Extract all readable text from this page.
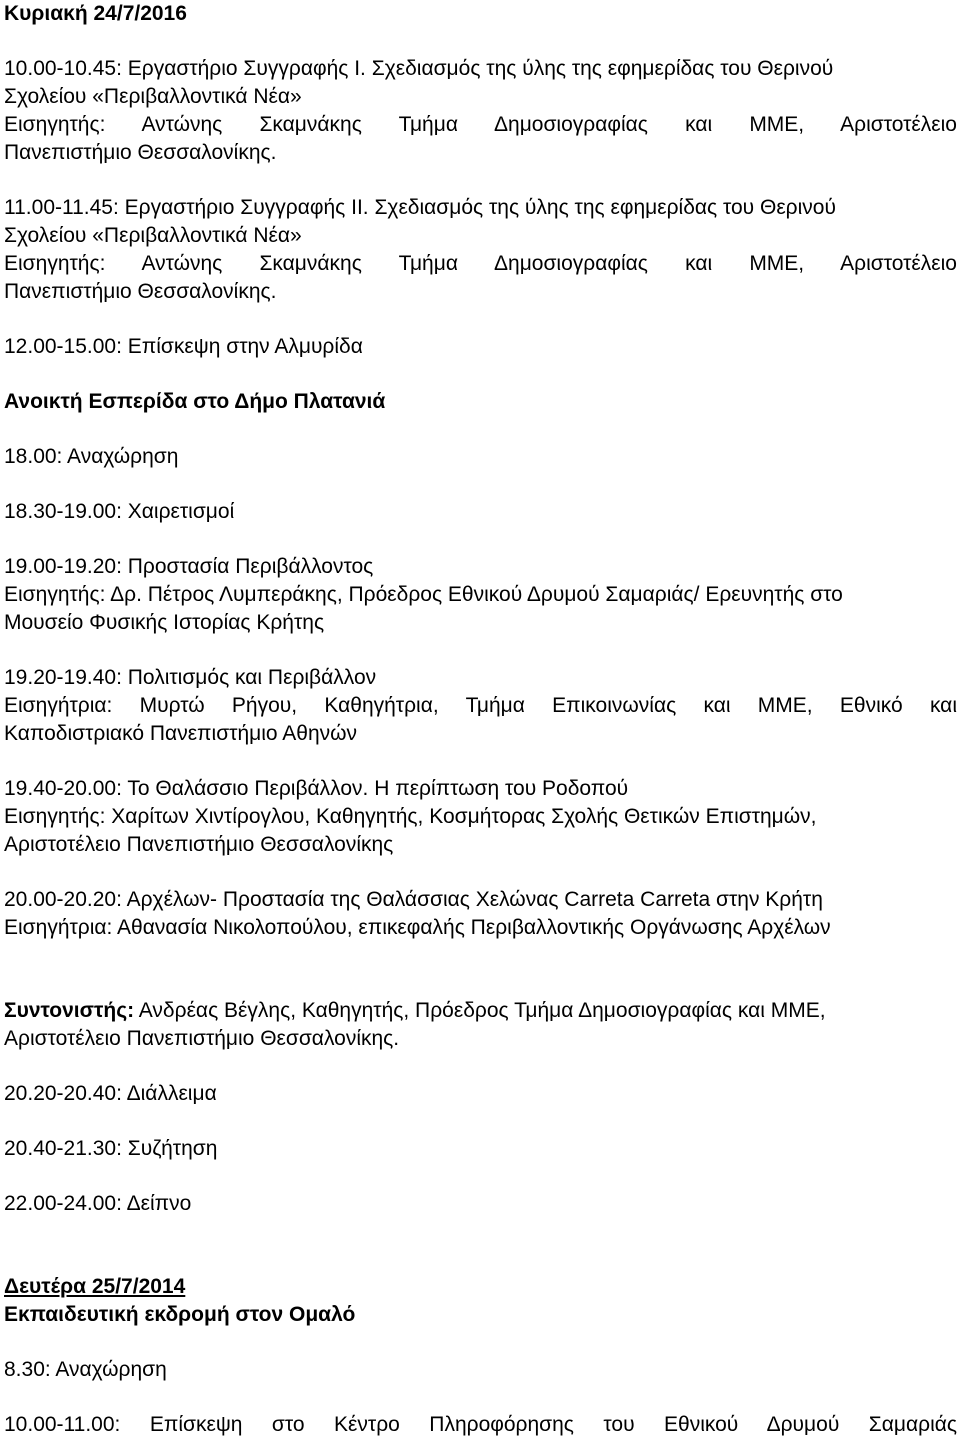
Κυριακή 24/7/2016
10.00-10.45: Εργαστήριο Συγγραφής Ι. Σχεδιασμός της ύλης της εφημερίδας του Θερινού
Σχολείου «Περιβαλλοντικά Νέα»
Εισηγητής: Αντώνης Σκαμνάκης Τμήμα Δημοσιογραφίας και ΜΜΕ, Αριστοτέλειο
Πανεπιστήμιο Θεσσαλονίκης.
11.00-11.45: Εργαστήριο Συγγραφής ΙΙ. Σχεδιασμός της ύλης της εφημερίδας του Θερινού
Σχολείου «Περιβαλλοντικά Νέα»
Εισηγητής: Αντώνης Σκαμνάκης Τμήμα Δημοσιογραφίας και ΜΜΕ, Αριστοτέλειο
Πανεπιστήμιο Θεσσαλονίκης.
12.00-15.00: Επίσκεψη στην Αλμυρίδα
Ανοικτή Εσπερίδα στο Δήμο Πλατανιά
18.00: Αναχώρηση
18.30-19.00: Χαιρετισμοί
19.00-19.20: Προστασία Περιβάλλοντος
Εισηγητής: Δρ. Πέτρος Λυμπεράκης, Πρόεδρος Εθνικού Δρυμού Σαμαριάς/ Ερευνητής στο
Μουσείο Φυσικής Ιστορίας Κρήτης
19.20-19.40: Πολιτισμός και Περιβάλλον
Εισηγήτρια: Μυρτώ Ρήγου, Καθηγήτρια, Τμήμα Επικοινωνίας και ΜΜΕ, Εθνικό και
Καποδιστριακό Πανεπιστήμιο Αθηνών
19.40-20.00: Το Θαλάσσιο Περιβάλλον. Η περίπτωση του Ροδοπού
Εισηγητής: Χαρίτων Χιντίρογλου, Καθηγητής, Κοσμήτορας Σχολής Θετικών Επιστημών,
Αριστοτέλειο Πανεπιστήμιο Θεσσαλονίκης
20.00-20.20: Αρχέλων- Προστασία της Θαλάσσιας Χελώνας Carreta Carreta στην Κρήτη
Εισηγήτρια: Αθανασία Νικολοπούλου, επικεφαλής Περιβαλλοντικής Οργάνωσης Αρχέλων
Συντονιστής: Ανδρέας Βέγλης, Καθηγητής, Πρόεδρος Τμήμα Δημοσιογραφίας και ΜΜΕ,
Αριστοτέλειο Πανεπιστήμιο Θεσσαλονίκης.
20.20-20.40: Διάλλειμα
20.40-21.30: Συζήτηση
22.00-24.00: Δείπνο
Δευτέρα 25/7/2014
Εκπαιδευτική εκδρομή στον Ομαλό
8.30: Αναχώρηση
10.00-11.00: Επίσκεψη στο Κέντρο Πληροφόρησης του Εθνικού Δρυμού Σαμαριάς
